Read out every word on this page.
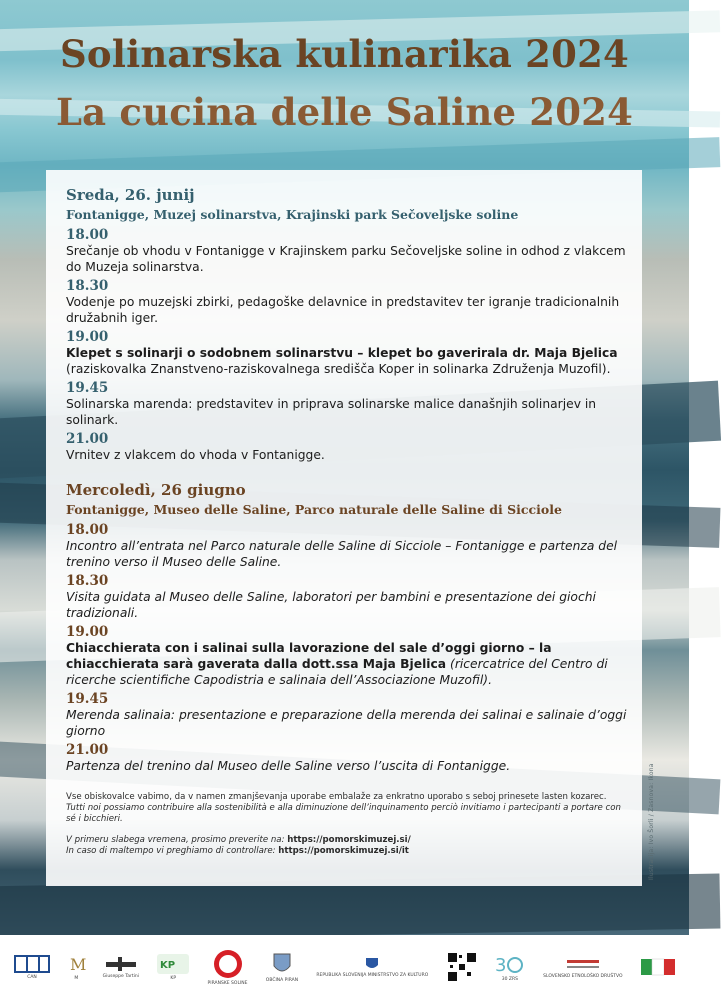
Ilustracija: Ivo Šorli / Zasnova: Ikona
Solinarska kulinarika 2024
La cucina delle Saline 2024
Sreda, 26. junij
Fontanigge, Muzej solinarstva, Krajinski park Sečoveljske soline
18.00
Srečanje ob vhodu v Fontanigge v Krajinskem parku Sečoveljske soline in odhod z vlakcem do Muzeja solinarstva.
18.30
Vodenje po muzejski zbirki, pedagoške delavnice in predstavitev ter igranje tradicionalnih družabnih iger.
19.00
Klepet s solinarji o sodobnem solinarstvu – klepet bo gaverirala dr. Maja Bjelica
(raziskovalka Znanstveno-raziskovalnega središča Koper in solinarka Združenja Muzofil).
19.45
Solinarska marenda: predstavitev in priprava solinarske malice današnjih solinarjev in solinark.
21.00
Vrnitev z vlakcem do vhoda v Fontanigge.
Mercoledì, 26 giugno
Fontanigge, Museo delle Saline, Parco naturale delle Saline di Sicciole
18.00
Incontro all’entrata nel Parco naturale delle Saline di Sicciole – Fontanigge e partenza del trenino verso il Museo delle Saline.
18.30
Visita guidata al Museo delle Saline, laboratori per bambini e presentazione dei giochi tradizionali.
19.00
Chiacchierata con i salinai sulla lavorazione del sale d’oggi giorno – la chiacchierata sarà gaverata dalla dott.ssa Maja Bjelica (ricercatrice del Centro di ricerche scientifiche Capodistria e salinaia dell’Associazione Muzofil).
19.45
Merenda salinaia: presentazione e preparazione della merenda dei salinai e salinaie d’oggi giorno
21.00
Partenza del trenino dal Museo delle Saline verso l’uscita di Fontanigge.
Vse obiskovalce vabimo, da v namen zmanjševanja uporabe embalaže za enkratno uporabo s seboj prinesete lasten kozarec.
Tutti noi possiamo contribuire alla sostenibilità e alla diminuzione dell’inquinamento perciò invitiamo i partecipanti a portare con sé i bicchieri.
V primeru slabega vremena, prosimo preverite na: https://pomorskimuzej.si/
In caso di maltempo vi preghiamo di controllare: https://pomorskimuzej.si/it
CAN
M
M	Giuseppe Tartini
KP
KP
PIRANSKE SOLINE
OBČINA PIRAN
REPUBLIKA SLOVENIJA MINISTRSTVO ZA KULTURO	3
30 ZRS
SLOVENSKO ETNOLOŠKO DRUŠTVO
